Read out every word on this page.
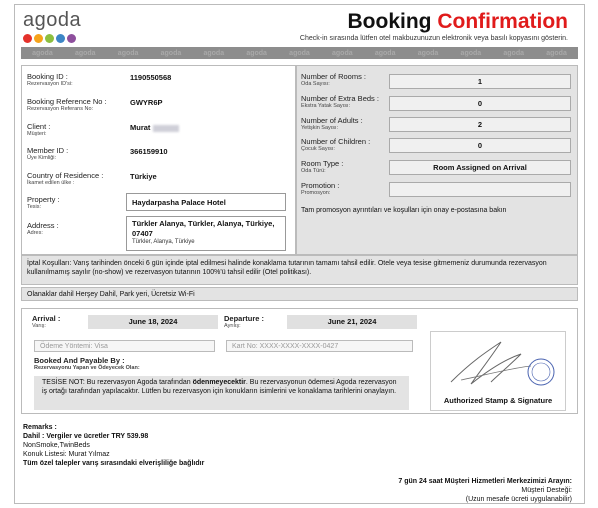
agoda	Booking Confirmation
Check-in sırasında lütfen otel makbuzunuzun elektronik veya basılı kopyasını gösterin.
agoda	agoda	agoda	agoda	agoda	agoda	agoda	agoda	agoda	agoda	agoda	agoda	agoda
Booking ID :
Rezervasyon ID'si:
1190550568
Booking Reference No :
Rezervasyon Referans No:
GWYR6P
Client :
Müşteri:
Murat
Member ID :
Üye Kimliği:
366159910
Country of Residence :
İkamet edilen ülke :
Türkiye
Property :
Tesis:	Haydarpasha Palace Hotel
Address :
Adres:
Türkler Alanya, Türkler, Alanya, Türkiye,
07407
Türkler, Alanya, Türkiye
Number of Rooms :
Oda Sayısı:	1
Number of Extra Beds :
Ekstra Yatak Sayısı:	0
Number of Adults :
Yetişkin Sayısı:	2
Number of Children :
Çocuk Sayısı:	0
Room Type :
Oda Türü:	Room Assigned on Arrival
Promotion :
Promosyon:
Tam promosyon ayrıntıları ve koşulları için onay e-postasına bakın
İptal Koşulları: Varış tarihinden önceki 6 gün içinde iptal edilmesi halinde konaklama tutarının tamamı tahsil edilir. Otele veya tesise gitmemeniz durumunda rezervasyon kullanılmamış sayılır (no-show) ve rezervasyon tutarının 100%'ü tahsil edilir (Otel politikası).
Olanaklar dahil Herşey Dahil, Park yeri, Ücretsiz Wi-Fi
Arrival :
Varış:	June 18, 2024	Departure :
Ayrılış:	June 21, 2024
Ödeme Yöntemi: Visa	Kart No: XXXX-XXXX-XXXX-0427
Booked And Payable By :
Rezervasyonu Yapan ve Ödeyecek Olan:
TESİSE NOT: Bu rezervasyon Agoda tarafından ödenmeyecektir. Bu rezervasyonun ödemesi Agoda rezervasyon iş ortağı tarafından yapılacaktır. Lütfen bu rezervasyon için konukların isimlerini ve konaklama tarihlerini onaylayın.
Authorized Stamp & Signature
Remarks :
Dahil : Vergiler ve ücretler TRY 539.98
NonSmoke,TwinBeds
Konuk Listesi: Murat Yılmaz
Tüm özel talepler varış sırasındaki elverişliliğe bağlıdır
7 gün 24 saat Müşteri Hizmetleri Merkezimizi Arayın:
Müşteri Desteği:
(Uzun mesafe ücreti uygulanabilir)
